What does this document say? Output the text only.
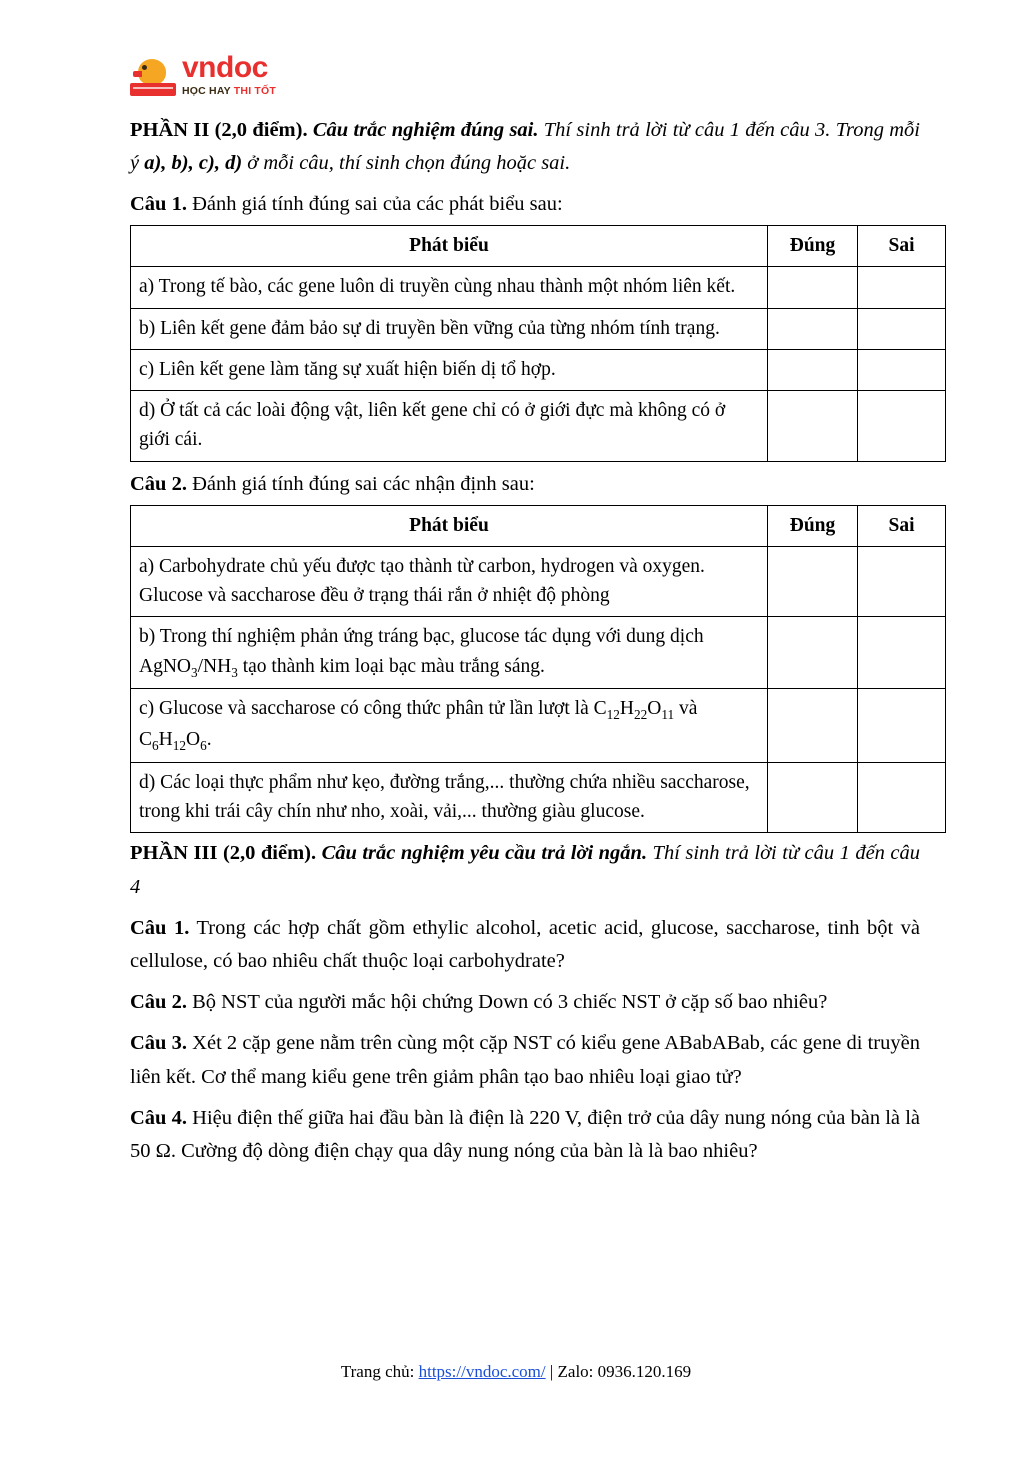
vndoc
HỌC HAY THI TỐT

PHẦN II (2,0 điểm). Câu trắc nghiệm đúng sai. Thí sinh trả lời từ câu 1 đến câu 3. Trong mỗi ý a), b), c), d) ở mỗi câu, thí sinh chọn đúng hoặc sai.

Câu 1. Đánh giá tính đúng sai của các phát biểu sau:

Phát biểu	Đúng	Sai
a) Trong tế bào, các gene luôn di truyền cùng nhau thành một nhóm liên kết.		
b) Liên kết gene đảm bảo sự di truyền bền vững của từng nhóm tính trạng.		
c) Liên kết gene làm tăng sự xuất hiện biến dị tổ hợp.		
d) Ở tất cả các loài động vật, liên kết gene chỉ có ở giới đực mà không có ở giới cái.		

Câu 2. Đánh giá tính đúng sai các nhận định sau:

Phát biểu	Đúng	Sai
a) Carbohydrate chủ yếu được tạo thành từ carbon, hydrogen và oxygen. Glucose và saccharose đều ở trạng thái rắn ở nhiệt độ phòng		
b) Trong thí nghiệm phản ứng tráng bạc, glucose tác dụng với dung dịch $AgNO_3/NH_3$ tạo thành kim loại bạc màu trắng sáng.		
c) Glucose và saccharose có công thức phân tử lần lượt là $C_{12}H_{22}O_{11}$ và $C_6H_{12}O_6$.		
d) Các loại thực phẩm như kẹo, đường trắng,... thường chứa nhiều saccharose, trong khi trái cây chín như nho, xoài, vải,... thường giàu glucose.		

PHẦN III (2,0 điểm). Câu trắc nghiệm yêu cầu trả lời ngắn. Thí sinh trả lời từ câu 1 đến câu 4

Câu 1. Trong các hợp chất gồm ethylic alcohol, acetic acid, glucose, saccharose, tinh bột và cellulose, có bao nhiêu chất thuộc loại carbohydrate?

Câu 2. Bộ NST của người mắc hội chứng Down có 3 chiếc NST ở cặp số bao nhiêu?

Câu 3. Xét 2 cặp gene nằm trên cùng một cặp NST có kiểu gene ABabABab, các gene di truyền liên kết. Cơ thể mang kiểu gene trên giảm phân tạo bao nhiêu loại giao tử?

Câu 4. Hiệu điện thế giữa hai đầu bàn là điện là 220 V, điện trở của dây nung nóng của bàn là là 50 Ω. Cường độ dòng điện chạy qua dây nung nóng của bàn là là bao nhiêu?

Trang chủ: https://vndoc.com/ | Zalo: 0936.120.169
